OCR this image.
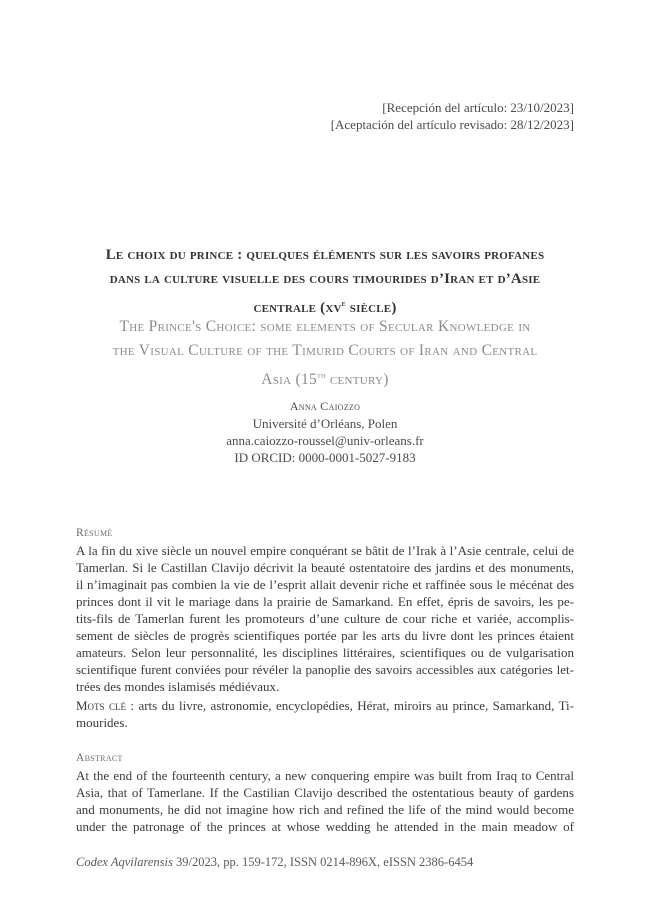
[Recepción del artículo: 23/10/2023]
[Aceptación del artículo revisado: 28/12/2023]
Le choix du prince : quelques éléments sur les savoirs profanes
dans la culture visuelle des cours timourides d’Iran et d’Asie
centrale ($xv^e$ siècle)
The Prince's Choice: some elements of Secular Knowledge in
the Visual Culture of the Timurid Courts of Iran and Central
Asia (15th century)
Anna Caiozzo
Université d’Orléans, Polen
anna.caiozzo-roussel@univ-orleans.fr
ID ORCID: 0000-0001-5027-9183
Résumé
A la fin du xive siècle un nouvel empire conquérant se bâtit de l’Irak à l’Asie centrale, celui de
Tamerlan. Si le Castillan Clavijo décrivit la beauté ostentatoire des jardins et des monuments,
il n’imaginait pas combien la vie de l’esprit allait devenir riche et raffinée sous le mécénat des
princes dont il vit le mariage dans la prairie de Samarkand. En effet, épris de savoirs, les pe-
tits-fils de Tamerlan furent les promoteurs d’une culture de cour riche et variée, accomplis-
sement de siècles de progrès scientifiques portée par les arts du livre dont les princes étaient
amateurs. Selon leur personnalité, les disciplines littéraires, scientifiques ou de vulgarisation
scientifique furent conviées pour révéler la panoplie des savoirs accessibles aux catégories let-
trées des mondes islamisés médiévaux.
Mots clé : arts du livre, astronomie, encyclopédies, Hérat, miroirs au prince, Samarkand, Ti-
mourides.
Abstract
At the end of the fourteenth century, a new conquering empire was built from Iraq to Central
Asia, that of Tamerlane. If the Castilian Clavijo described the ostentatious beauty of gardens
and monuments, he did not imagine how rich and refined the life of the mind would become
under the patronage of the princes at whose wedding he attended in the main meadow of
Codex Aqvilarensis 39/2023, pp. 159-172, ISSN 0214-896X, eISSN 2386-6454
